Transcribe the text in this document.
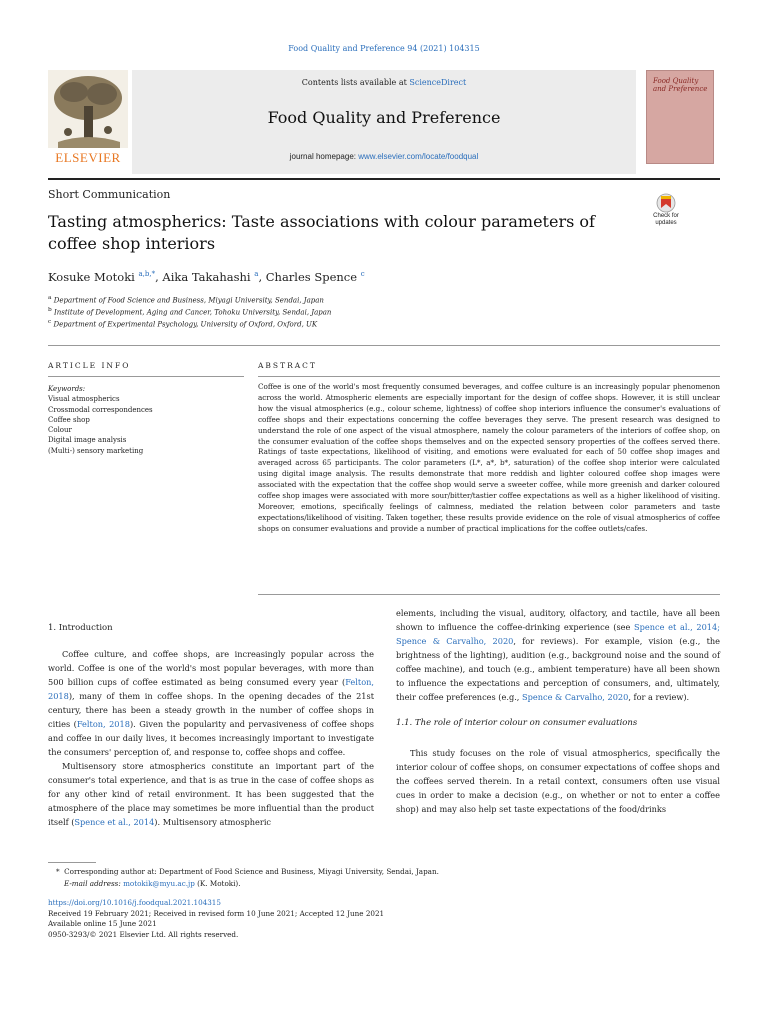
Food Quality and Preference 94 (2021) 104315
Contents lists available at ScienceDirect
Food Quality and Preference
journal homepage: www.elsevier.com/locate/foodqual
ELSEVIER
Food Quality and Preference
Short Communication
Tasting atmospherics: Taste associations with colour parameters of coffee shop interiors
Check for updates
Kosuke Motoki $^{a,b,*}$, Aika Takahashi $^a$, Charles Spence $^c$
$^a$ Department of Food Science and Business, Miyagi University, Sendai, Japan
$^b$ Institute of Development, Aging and Cancer, Tohoku University, Sendai, Japan
$^c$ Department of Experimental Psychology, University of Oxford, Oxford, UK
ARTICLE INFO	ABSTRACT
Keywords:
Visual atmospherics
Crossmodal correspondences
Coffee shop
Colour
Digital image analysis
(Multi-) sensory marketing
Coffee is one of the world's most frequently consumed beverages, and coffee culture is an increasingly popular phenomenon across the world. Atmospheric elements are especially important for the design of coffee shops. However, it is still unclear how the visual atmospherics (e.g., colour scheme, lightness) of coffee shop interiors influence the consumer's evaluations of coffee shops and their expectations concerning the coffee beverages they serve. The present research was designed to understand the role of one aspect of the visual atmosphere, namely the colour parameters of the interiors of coffee shop, on the consumer evaluation of the coffee shops themselves and on the expected sensory properties of the coffees served there. Ratings of taste expectations, likelihood of visiting, and emotions were evaluated for each of 50 coffee shop images and averaged across 65 participants. The color parameters (L*, a*, b*, saturation) of the coffee shop interior were calculated using digital image analysis. The results demonstrate that more reddish and lighter coloured coffee shop images were associated with the expectation that the coffee shop would serve a sweeter coffee, while more greenish and darker coloured coffee shop images were associated with more sour/bitter/tastier coffee expectations as well as a higher likelihood of visiting. Moreover, emotions, specifically feelings of calmness, mediated the relation between color parameters and taste expectations/likelihood of visiting. Taken together, these results provide evidence on the role of visual atmospherics of coffee shops on consumer evaluations and provide a number of practical implications for the coffee outlets/cafes.
1. Introduction

Coffee culture, and coffee shops, are increasingly popular across the world. Coffee is one of the world's most popular beverages, with more than 500 billion cups of coffee estimated as being consumed every year (Felton, 2018), many of them in coffee shops. In the opening decades of the 21st century, there has been a steady growth in the number of coffee shops in cities (Felton, 2018). Given the popularity and pervasiveness of coffee shops and coffee in our daily lives, it becomes increasingly important to investigate the consumers' perception of, and response to, coffee shops and coffee.

Multisensory store atmospherics constitute an important part of the consumer's total experience, and that is as true in the case of coffee shops as for any other kind of retail environment. It has been suggested that the atmosphere of the place may sometimes be more influential than the product itself (Spence et al., 2014). Multisensory atmospheric

elements, including the visual, auditory, olfactory, and tactile, have all been shown to influence the coffee-drinking experience (see Spence et al., 2014; Spence & Carvalho, 2020, for reviews). For example, vision (e.g., the brightness of the lighting), audition (e.g., background noise and the sound of coffee machine), and touch (e.g., ambient temperature) have all been shown to influence the expectations and perception of consumers, and, ultimately, their coffee preferences (e.g., Spence & Carvalho, 2020, for a review).

1.1. The role of interior colour on consumer evaluations

This study focuses on the role of visual atmospherics, specifically the interior colour of coffee shops, on consumer expectations of coffee shops and the coffees served therein. In a retail context, consumers often use visual cues in order to make a decision (e.g., on whether or not to enter a coffee shop) and may also help set taste expectations of the food/drinks

* Corresponding author at: Department of Food Science and Business, Miyagi University, Sendai, Japan.
E-mail address: motokik@myu.ac.jp (K. Motoki).
https://doi.org/10.1016/j.foodqual.2021.104315
Received 19 February 2021; Received in revised form 10 June 2021; Accepted 12 June 2021
Available online 15 June 2021
0950-3293/© 2021 Elsevier Ltd. All rights reserved.
